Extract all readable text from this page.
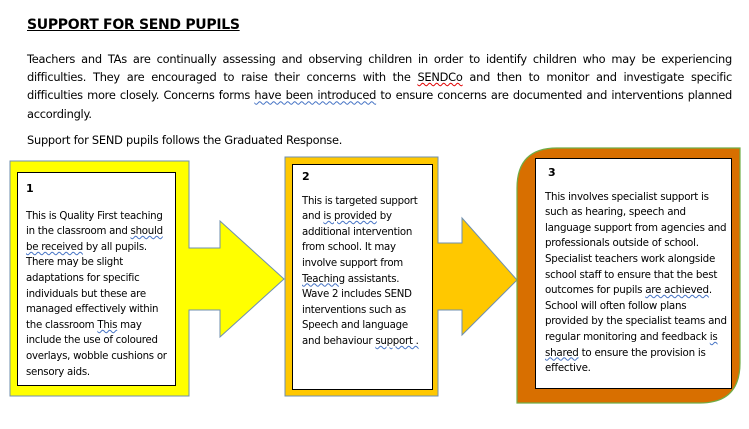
SUPPORT FOR SEND PUPILS

Teachers and TAs are continually assessing and observing children in order to identify children who may be experiencing difficulties. They are encouraged to raise their concerns with the SENDCo and then to monitor and investigate specific difficulties more closely. Concerns forms have been introduced to ensure concerns are documented and interventions planned accordingly.

Support for SEND pupils follows the Graduated Response.

1
This is Quality First teaching in the classroom and should be received by all pupils. There may be slight adaptations for specific individuals but these are managed effectively within the classroom This may include the use of coloured overlays, wobble cushions or sensory aids.
2
This is targeted support and is provided by additional intervention from school. It may involve support from Teaching assistants. Wave 2 includes SEND interventions such as Speech and language and behaviour support .
3
This involves specialist support is such as hearing, speech and language support from agencies and professionals outside of school. Specialist teachers work alongside school staff to ensure that the best outcomes for pupils are achieved. School will often follow plans provided by the specialist teams and regular monitoring and feedback is shared to ensure the provision is effective.
